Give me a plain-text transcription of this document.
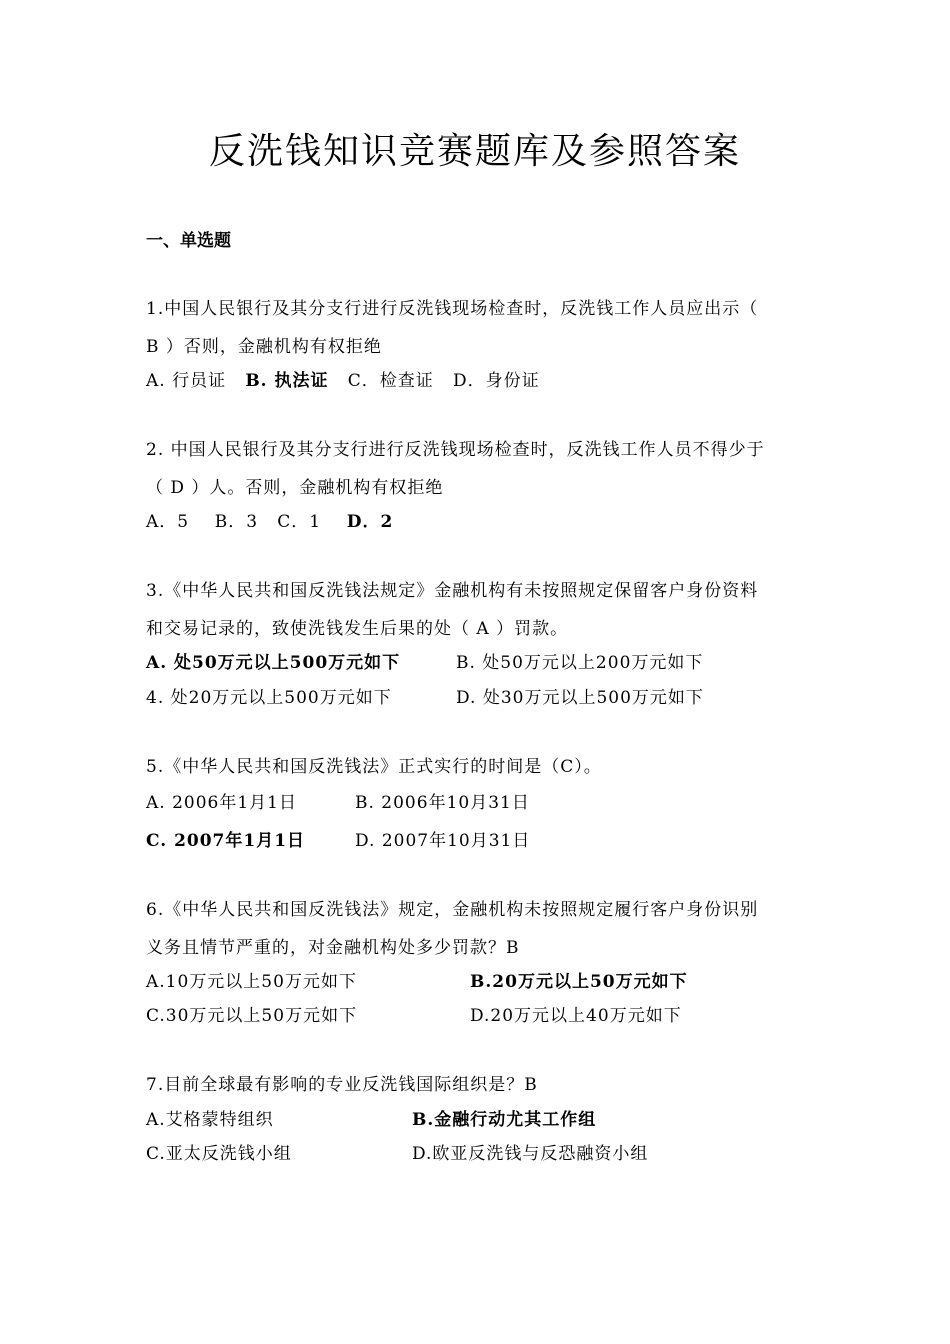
反洗钱知识竞赛题库及参照答案
一、单选题
1.中国人民银行及其分支行进行反洗钱现场检查时，反洗钱工作人员应出示（
B ）否则，金融机构有权拒绝
A. 行员证 B. 执法证 C．检查证 D．身份证
2. 中国人民银行及其分支行进行反洗钱现场检查时，反洗钱工作人员不得少于
（ D ）人。否则，金融机构有权拒绝
A．5 B．3 C．1 D．2
3.《中华人民共和国反洗钱法规定》金融机构有未按照规定保留客户身份资料
和交易记录的，致使洗钱发生后果的处（ A ）罚款。
A. 处50万元以上500万元如下	B. 处50万元以上200万元如下
4. 处20万元以上500万元如下	D. 处30万元以上500万元如下
5.《中华人民共和国反洗钱法》正式实行的时间是（C）。
A. 2006年1月1日	B. 2006年10月31日
C. 2007年1月1日	D. 2007年10月31日
6.《中华人民共和国反洗钱法》规定，金融机构未按照规定履行客户身份识别
义务且情节严重的，对金融机构处多少罚款？B
A.10万元以上50万元如下	B.20万元以上50万元如下
C.30万元以上50万元如下	D.20万元以上40万元如下
7.目前全球最有影响的专业反洗钱国际组织是？B
A.艾格蒙特组织	B.金融行动尤其工作组
C.亚太反洗钱小组	D.欧亚反洗钱与反恐融资小组
